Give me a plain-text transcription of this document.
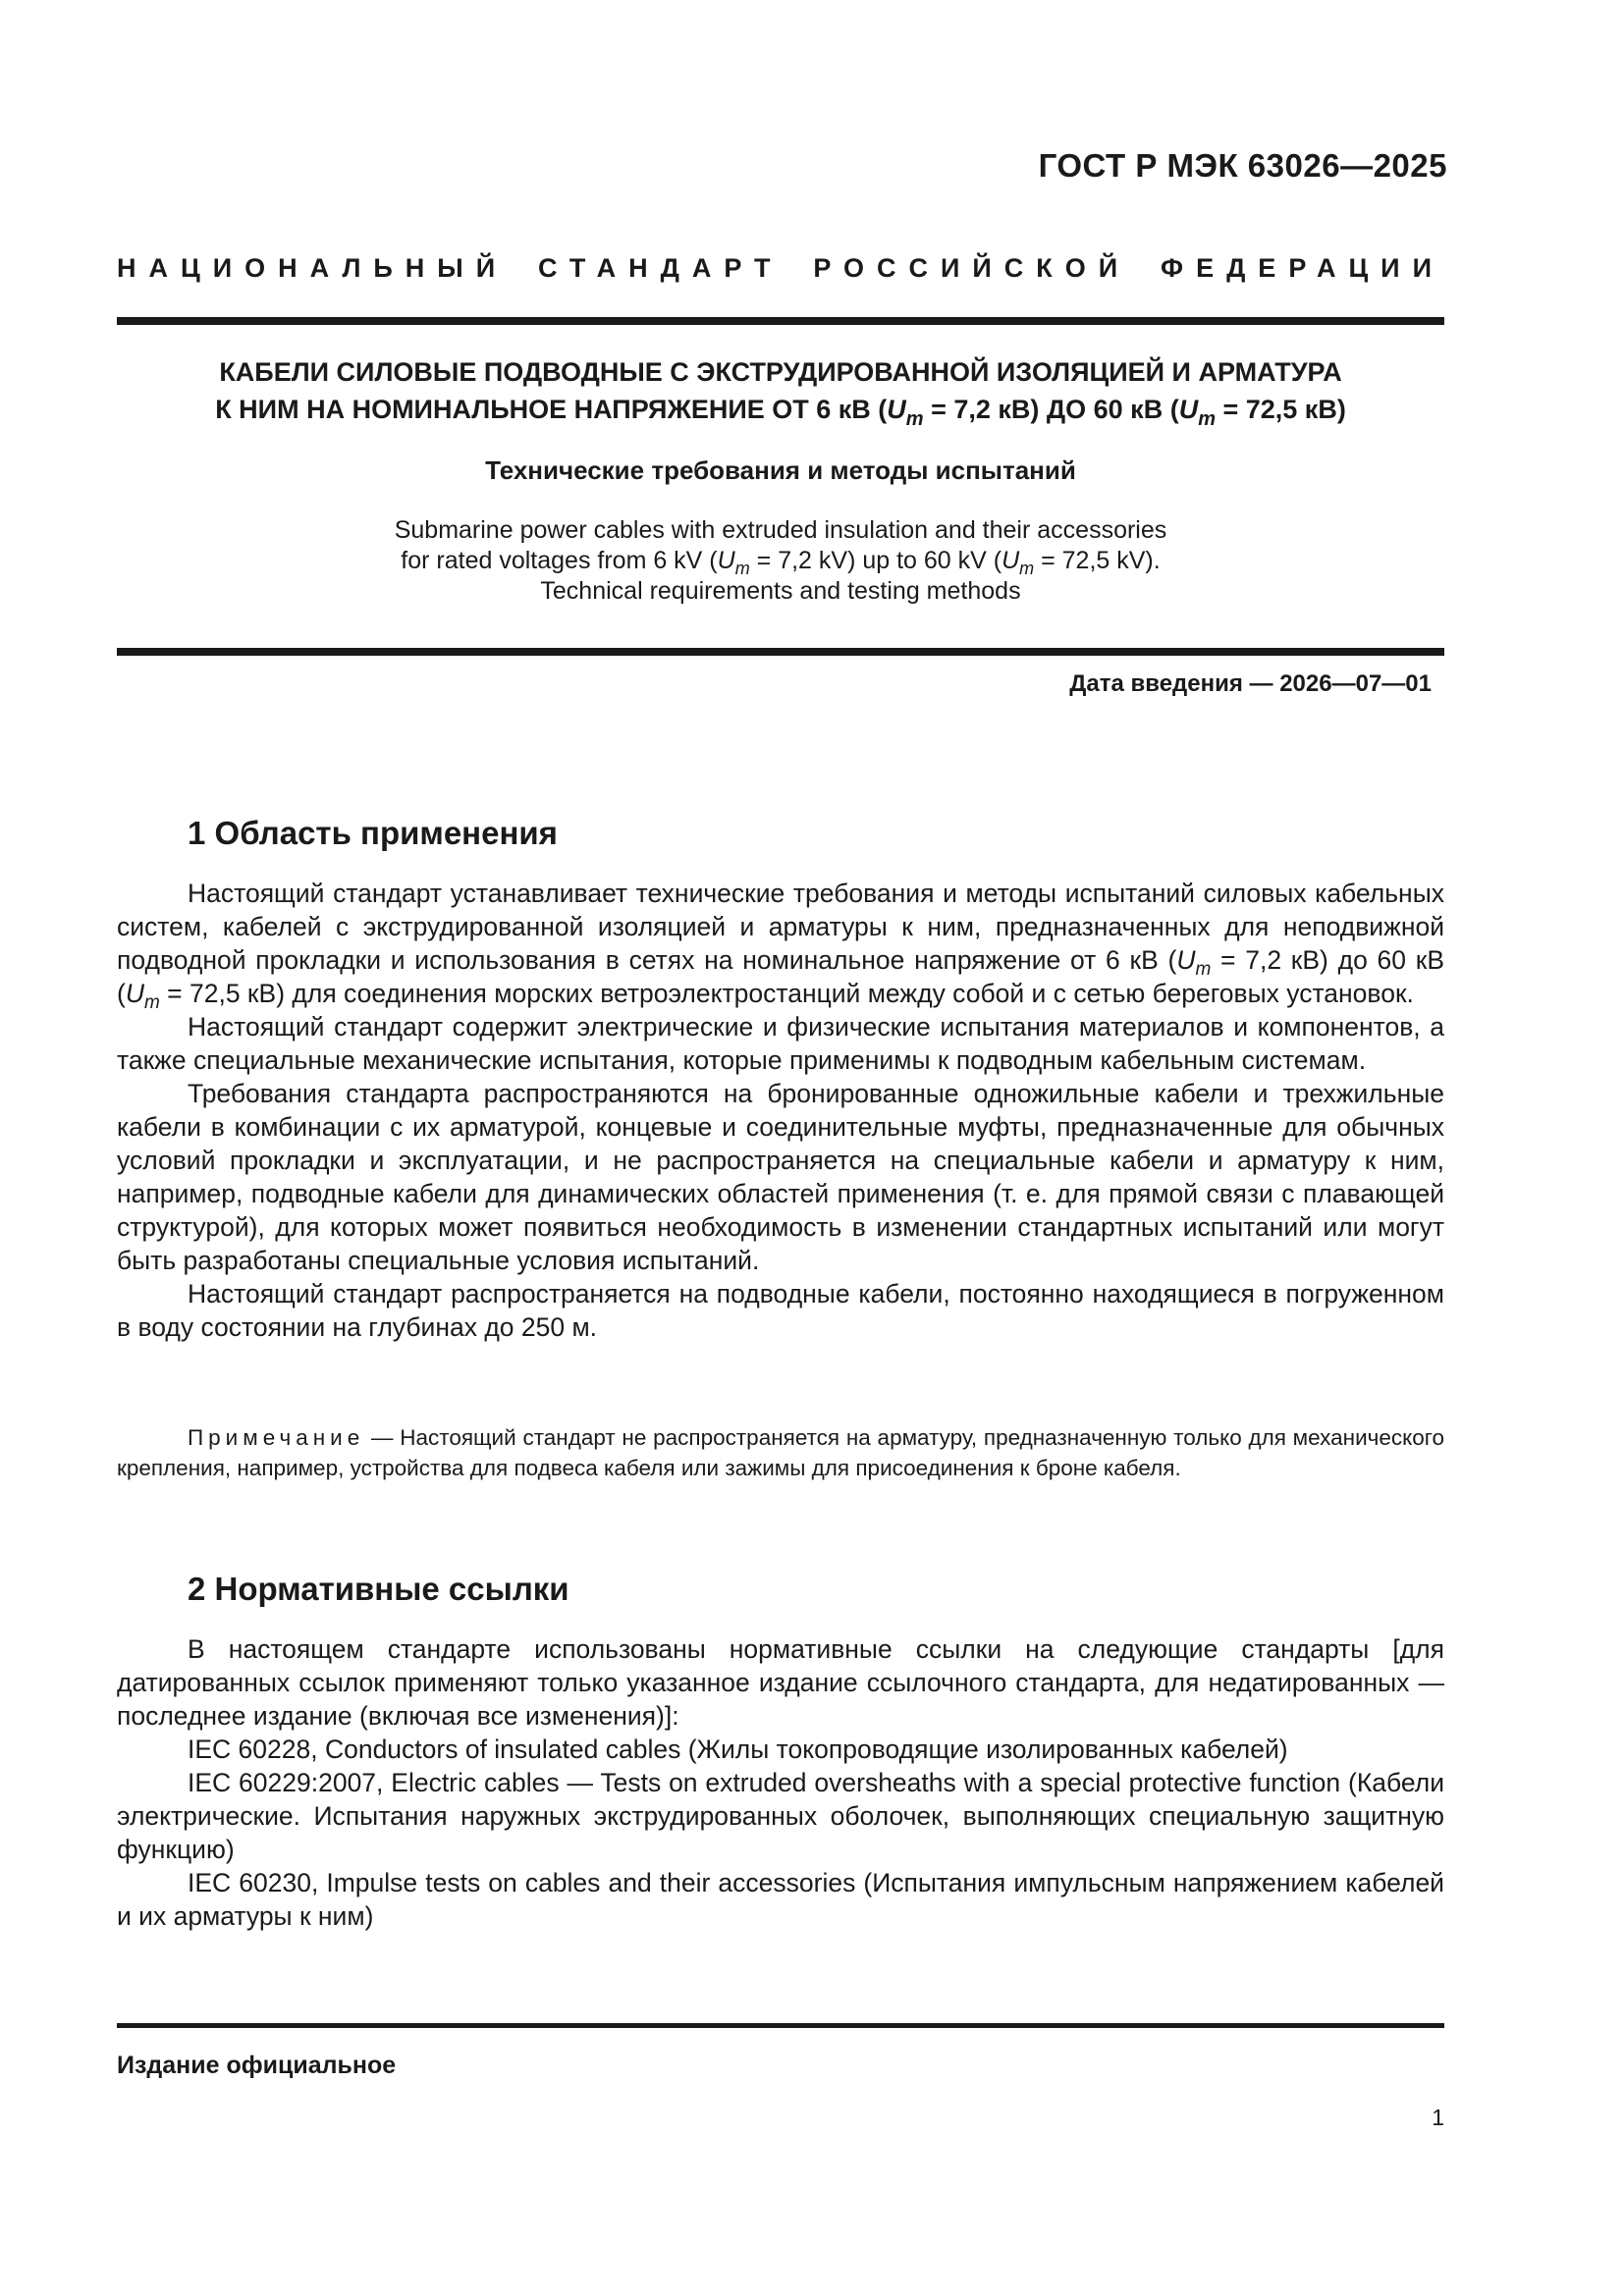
ГОСТ Р МЭК 63026—2025
НАЦИОНАЛЬНЫЙ СТАНДАРТ РОССИЙСКОЙ ФЕДЕРАЦИИ
КАБЕЛИ СИЛОВЫЕ ПОДВОДНЫЕ С ЭКСТРУДИРОВАННОЙ ИЗОЛЯЦИЕЙ И АРМАТУРА
К НИМ НА НОМИНАЛЬНОЕ НАПРЯЖЕНИЕ ОТ 6 кВ ($U_m = 7,2$ кВ) ДО 60 кВ ($U_m = 72,5$ кВ)
Технические требования и методы испытаний
Submarine power cables with extruded insulation and their accessories
for rated voltages from 6 kV ($U_m = 7,2$ kV) up to 60 kV ($U_m = 72,5$ kV).
Technical requirements and testing methods
Дата введения — 2026—07—01
1 Область применения

Настоящий стандарт устанавливает технические требования и методы испытаний силовых кабельных систем, кабелей с экструдированной изоляцией и арматуры к ним, предназначенных для неподвижной подводной прокладки и использования в сетях на номинальное напряжение от 6 кВ ($U_m = 7,2$ кВ) до 60 кВ ($U_m = 72,5$ кВ) для соединения морских ветроэлектростанций между собой и с сетью береговых установок.

Настоящий стандарт содержит электрические и физические испытания материалов и компонентов, а также специальные механические испытания, которые применимы к подводным кабельным системам.

Требования стандарта распространяются на бронированные одножильные кабели и трехжильные кабели в комбинации с их арматурой, концевые и соединительные муфты, предназначенные для обычных условий прокладки и эксплуатации, и не распространяется на специальные кабели и арматуру к ним, например, подводные кабели для динамических областей применения (т. е. для прямой связи с плавающей структурой), для которых может появиться необходимость в изменении стандартных испытаний или могут быть разработаны специальные условия испытаний.

Настоящий стандарт распространяется на подводные кабели, постоянно находящиеся в погруженном в воду состоянии на глубинах до 250 м.

Примечание — Настоящий стандарт не распространяется на арматуру, предназначенную только для механического крепления, например, устройства для подвеса кабеля или зажимы для присоединения к броне кабеля.

2 Нормативные ссылки

В настоящем стандарте использованы нормативные ссылки на следующие стандарты [для датированных ссылок применяют только указанное издание ссылочного стандарта, для недатированных — последнее издание (включая все изменения)]:

IEC 60228, Conductors of insulated cables (Жилы токопроводящие изолированных кабелей)

IEC 60229:2007, Electric cables — Tests on extruded oversheaths with a special protective function (Кабели электрические. Испытания наружных экструдированных оболочек, выполняющих специальную защитную функцию)

IEC 60230, Impulse tests on cables and their accessories (Испытания импульсным напряжением кабелей и их арматуры к ним)

Издание официальное
1
